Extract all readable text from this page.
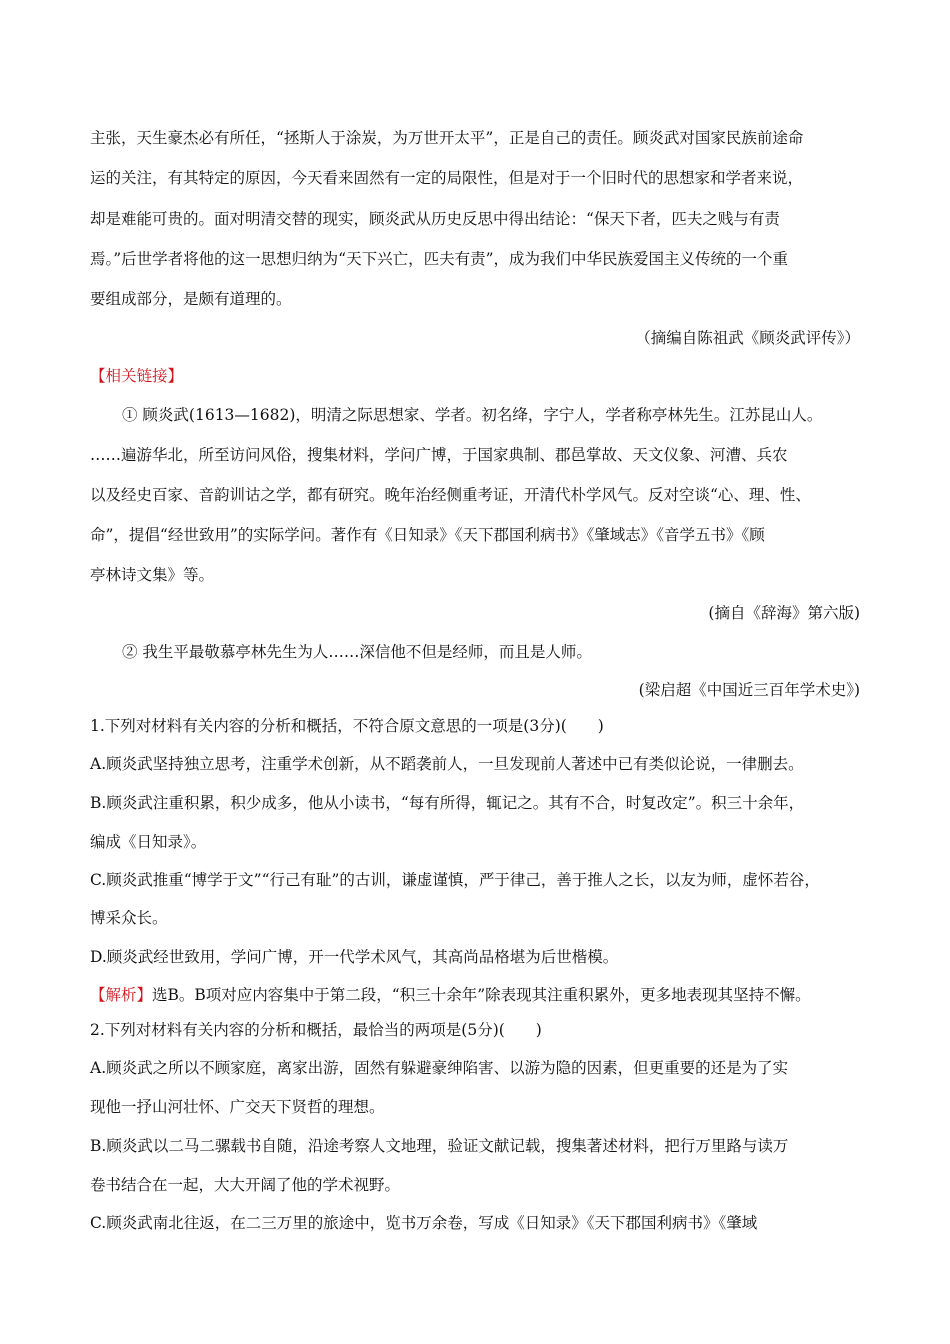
主张，天生豪杰必有所任，“拯斯人于涂炭，为万世开太平”，正是自己的责任。顾炎武对国家民族前途命
运的关注，有其特定的原因，今天看来固然有一定的局限性，但是对于一个旧时代的思想家和学者来说，
却是难能可贵的。面对明清交替的现实，顾炎武从历史反思中得出结论：“保天下者，匹夫之贱与有责
焉。”后世学者将他的这一思想归纳为“天下兴亡，匹夫有责”，成为我们中华民族爱国主义传统的一个重
要组成部分，是颇有道理的。
（摘编自陈祖武《顾炎武评传》）
【相关链接】
① 顾炎武(1613—1682)，明清之际思想家、学者。初名绛，字宁人，学者称亭林先生。江苏昆山人。
……遍游华北，所至访问风俗，搜集材料，学问广博，于国家典制、郡邑掌故、天文仪象、河漕、兵农
以及经史百家、音韵训诂之学，都有研究。晚年治经侧重考证，开清代朴学风气。反对空谈“心、理、性、
命”，提倡“经世致用”的实际学问。著作有《日知录》《天下郡国利病书》《肇域志》《音学五书》《顾
亭林诗文集》等。
(摘自《辞海》第六版)
② 我生平最敬慕亭林先生为人……深信他不但是经师，而且是人师。
(梁启超《中国近三百年学术史》)
1.下列对材料有关内容的分析和概括，不符合原文意思的一项是(3分)(　　)
A.顾炎武坚持独立思考，注重学术创新，从不蹈袭前人，一旦发现前人著述中已有类似论说，一律删去。
B.顾炎武注重积累，积少成多，他从小读书，“每有所得，辄记之。其有不合，时复改定”。积三十余年，
编成《日知录》。
C.顾炎武推重“博学于文”“行己有耻”的古训，谦虚谨慎，严于律己，善于推人之长，以友为师，虚怀若谷，
博采众长。
D.顾炎武经世致用，学问广博，开一代学术风气，其高尚品格堪为后世楷模。
【解析】选B。B项对应内容集中于第二段，“积三十余年”除表现其注重积累外，更多地表现其坚持不懈。
2.下列对材料有关内容的分析和概括，最恰当的两项是(5分)(　　)
A.顾炎武之所以不顾家庭，离家出游，固然有躲避豪绅陷害、以游为隐的因素，但更重要的还是为了实
现他一抒山河壮怀、广交天下贤哲的理想。
B.顾炎武以二马二骡载书自随，沿途考察人文地理，验证文献记载，搜集著述材料，把行万里路与读万
卷书结合在一起，大大开阔了他的学术视野。
C.顾炎武南北往返，在二三万里的旅途中，览书万余卷，写成《日知录》《天下郡国利病书》《肇域
